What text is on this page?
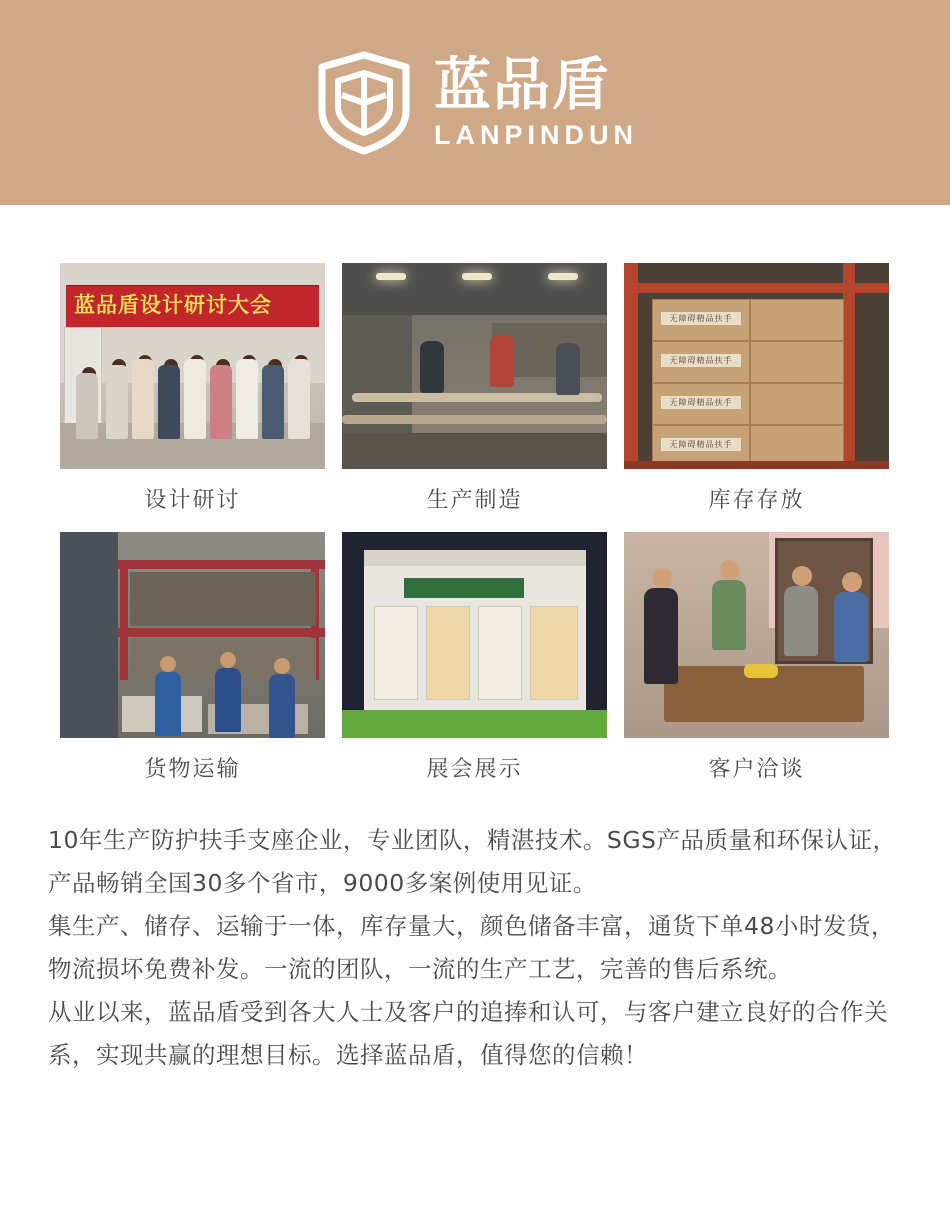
蓝品盾
LANPINDUN
蓝品盾设计研讨大会
设计研讨	生产制造
无障碍精品扶手
无障碍精品扶手
无障碍精品扶手
无障碍精品扶手
库存存放
货物运输	展会展示	客户洽谈

10年生产防护扶手支座企业，专业团队，精湛技术。SGS产品质量和环保认证，产品畅销全国30多个省市，9000多案例使用见证。

集生产、储存、运输于一体，库存量大，颜色储备丰富，通货下单48小时发货，物流损坏免费补发。一流的团队，一流的生产工艺，完善的售后系统。

从业以来，蓝品盾受到各大人士及客户的追捧和认可，与客户建立良好的合作关系，实现共赢的理想目标。选择蓝品盾，值得您的信赖！
